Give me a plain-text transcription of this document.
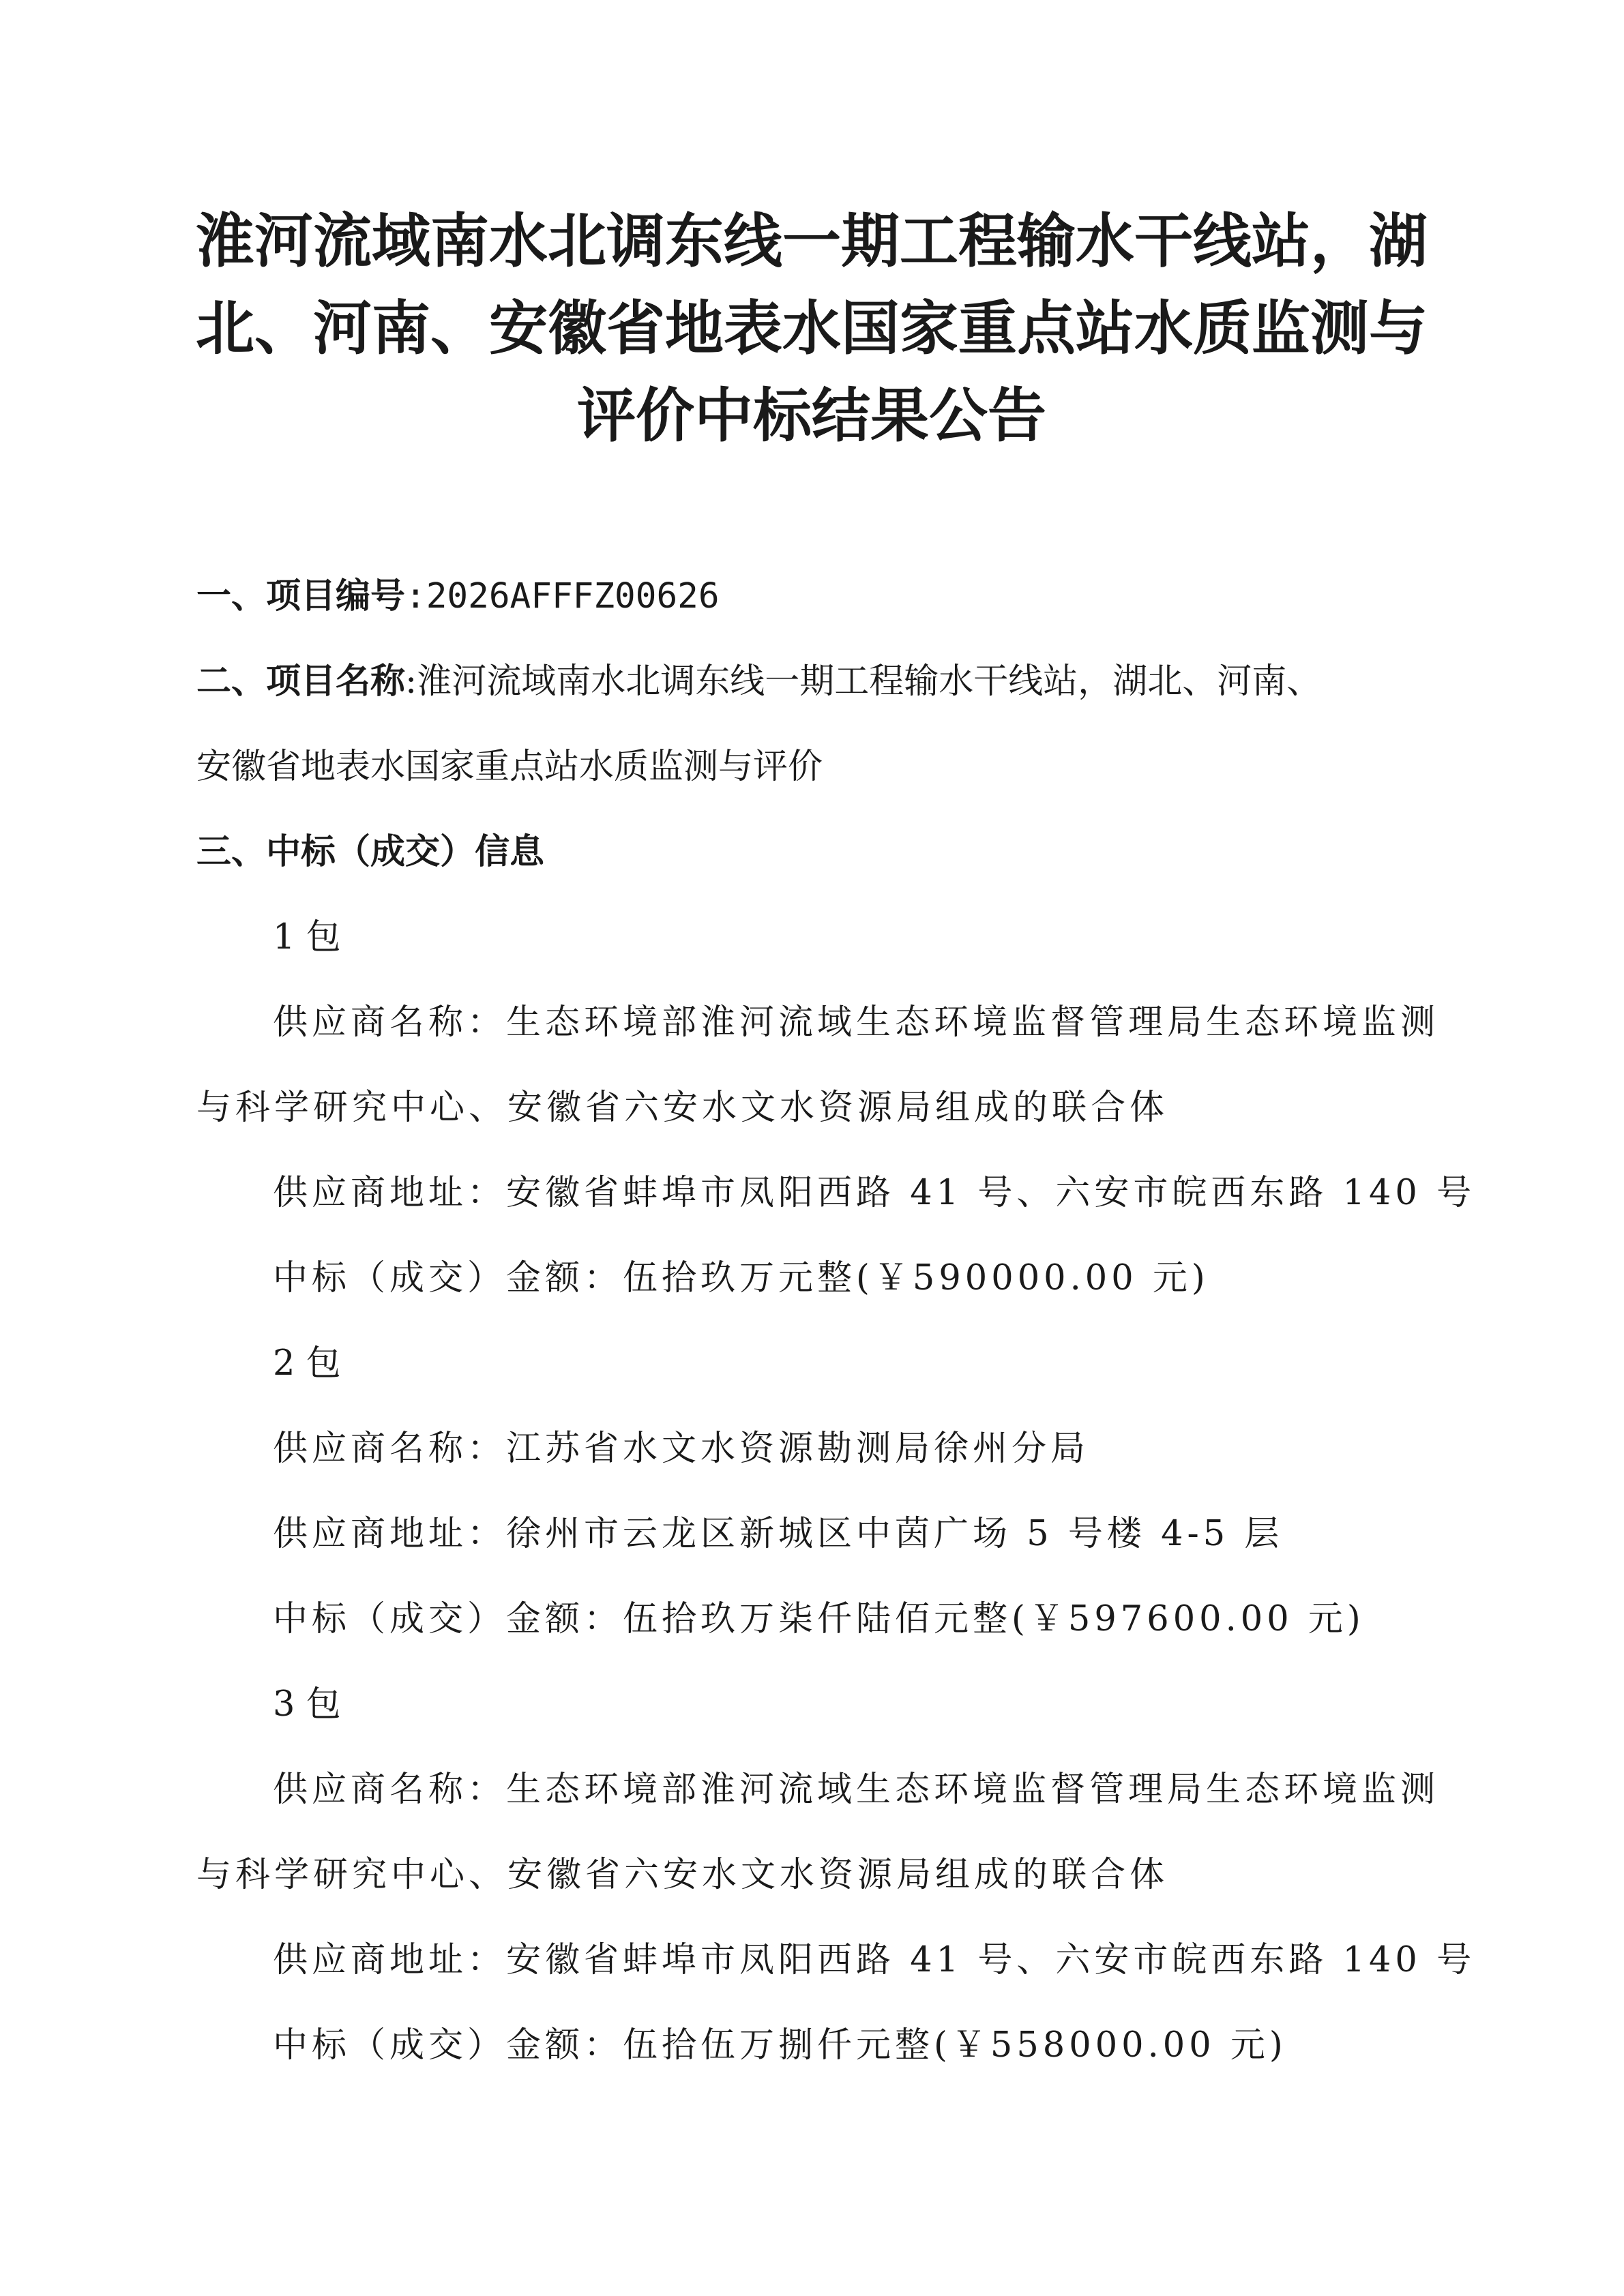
淮河流域南水北调东线一期工程输水干线站，湖
北、河南、安徽省地表水国家重点站水质监测与
评价中标结果公告
一、项目编号:2026AFFFZ00626
二、项目名称:淮河流域南水北调东线一期工程输水干线站，湖北、河南、
安徽省地表水国家重点站水质监测与评价
三、中标（成交）信息
1 包
供应商名称：生态环境部淮河流域生态环境监督管理局生态环境监测
与科学研究中心、安徽省六安水文水资源局组成的联合体
供应商地址：安徽省蚌埠市凤阳西路 41 号、六安市皖西东路 140 号
中标（成交）金额：伍拾玖万元整(￥590000.00 元)
2 包
供应商名称：江苏省水文水资源勘测局徐州分局
供应商地址：徐州市云龙区新城区中茵广场 5 号楼 4-5 层
中标（成交）金额：伍拾玖万柒仟陆佰元整(￥597600.00 元)
3 包
供应商名称：生态环境部淮河流域生态环境监督管理局生态环境监测
与科学研究中心、安徽省六安水文水资源局组成的联合体
供应商地址：安徽省蚌埠市凤阳西路 41 号、六安市皖西东路 140 号
中标（成交）金额：伍拾伍万捌仟元整(￥558000.00 元)
